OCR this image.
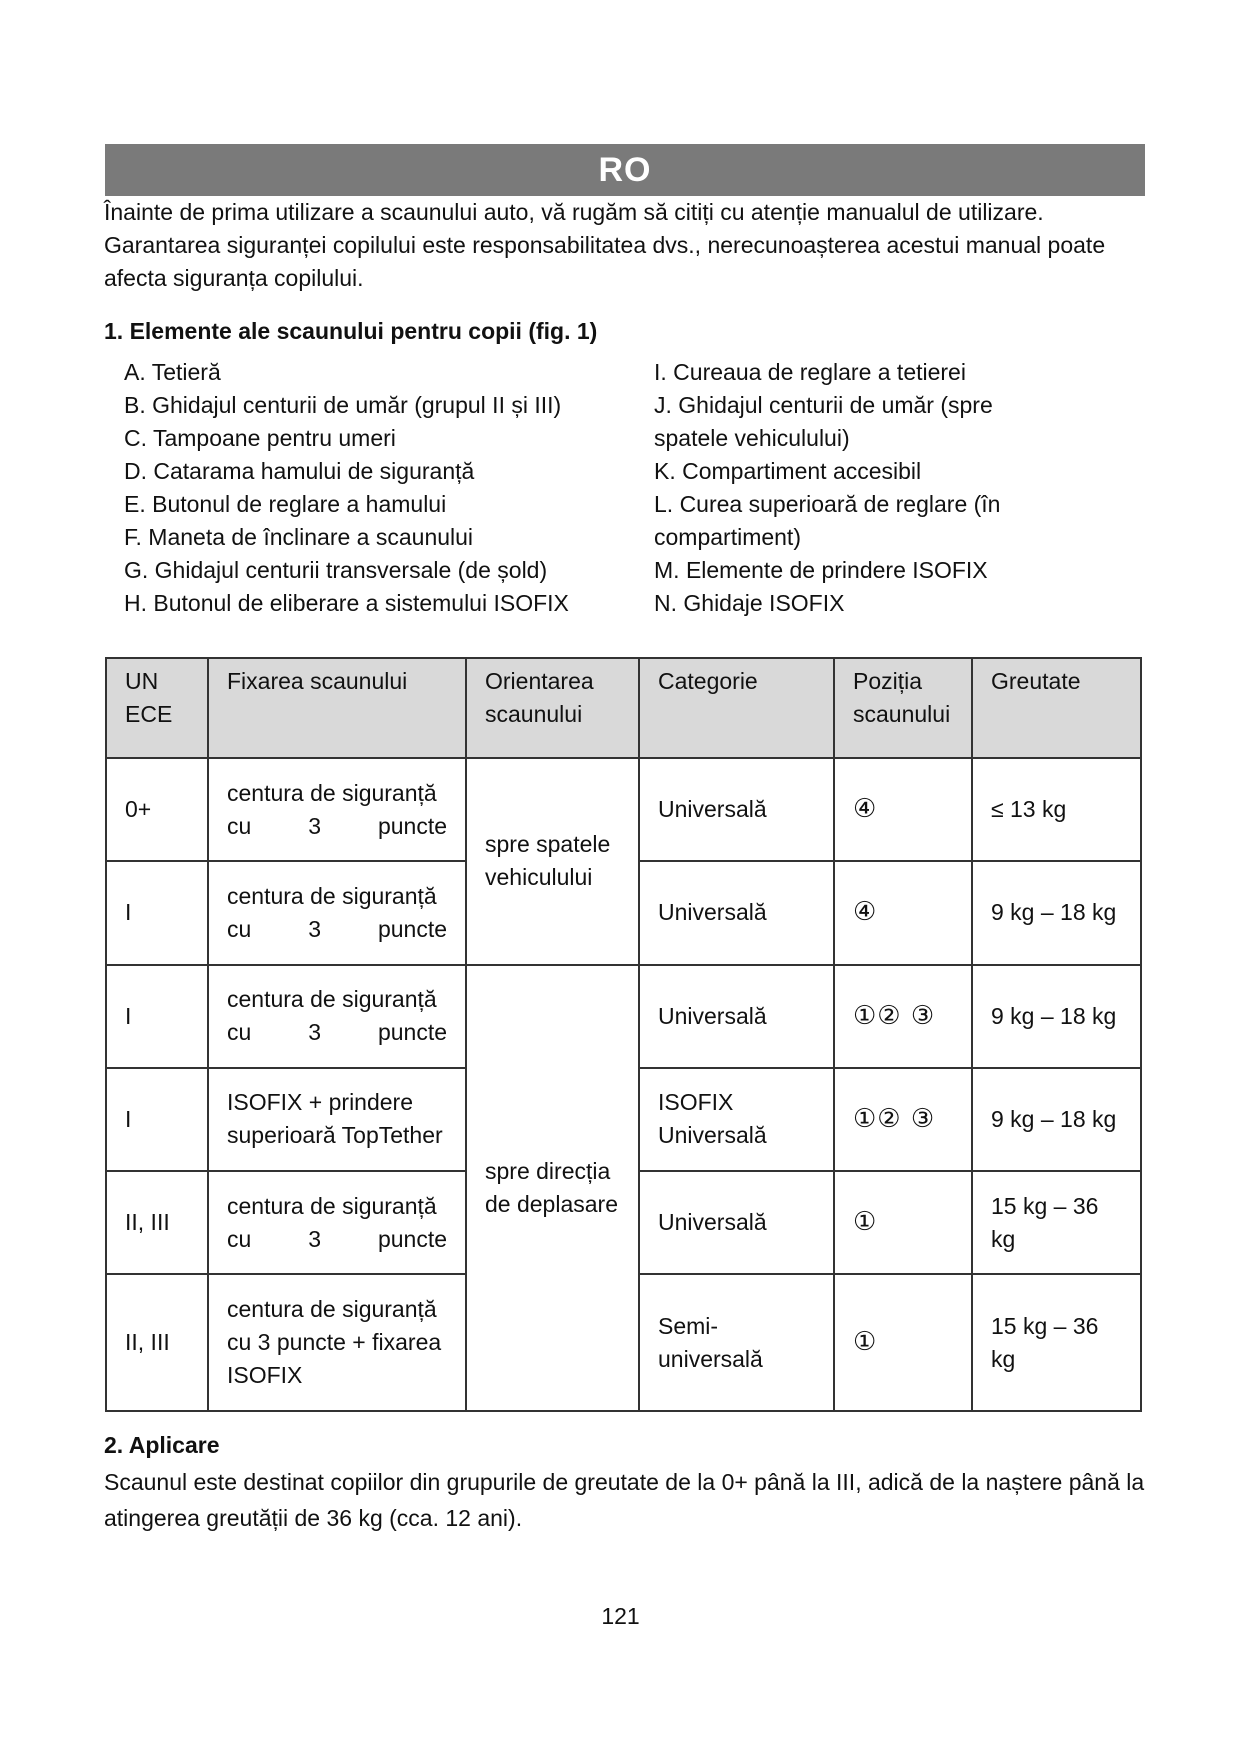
RO

Înainte de prima utilizare a scaunului auto, vă rugăm să citiți cu atenție manualul de utilizare.

Garantarea siguranței copilului este responsabilitatea dvs., nerecunoașterea acestui manual poate afecta siguranța copilului.

1. Elemente ale scaunului pentru copii (fig. 1)
A. Tetieră
B. Ghidajul centurii de umăr (grupul II și III)
C. Tampoane pentru umeri
D. Catarama hamului de siguranță
E. Butonul de reglare a hamului
F. Maneta de înclinare a scaunului
G. Ghidajul centurii transversale (de șold)
H. Butonul de eliberare a sistemului ISOFIX
I. Cureaua de reglare a tetierei
J. Ghidajul centurii de umăr (spre
spatele vehiculului)
K. Compartiment accesibil
L. Curea superioară de reglare (în
compartiment)
M. Elemente de prindere ISOFIX
N. Ghidaje ISOFIX
UN ECE	Fixarea scaunului	Orientarea scaunului	Categorie	Poziția scaunului	Greutate
0+	centura de siguranță cu 3 puncte	spre spatele vehiculului	Universală	④	≤ 13 kg
I	centura de siguranță cu 3 puncte		Universală	④	9 kg – 18 kg
I	centura de siguranță cu 3 puncte	spre direcția de deplasare	Universală	①② ③	9 kg – 18 kg
I	ISOFIX + prindere superioară TopTether		ISOFIX Universală	①② ③	9 kg – 18 kg
II, III	centura de siguranță cu 3 puncte		Universală	①	15 kg – 36 kg
II, III	centura de siguranță cu 3 puncte + fixarea ISOFIX		Semi-universală	①	15 kg – 36 kg
2. Aplicare

Scaunul este destinat copiilor din grupurile de greutate de la 0+ până la III, adică de la naștere până la atingerea greutății de 36 kg (cca. 12 ani).

121
